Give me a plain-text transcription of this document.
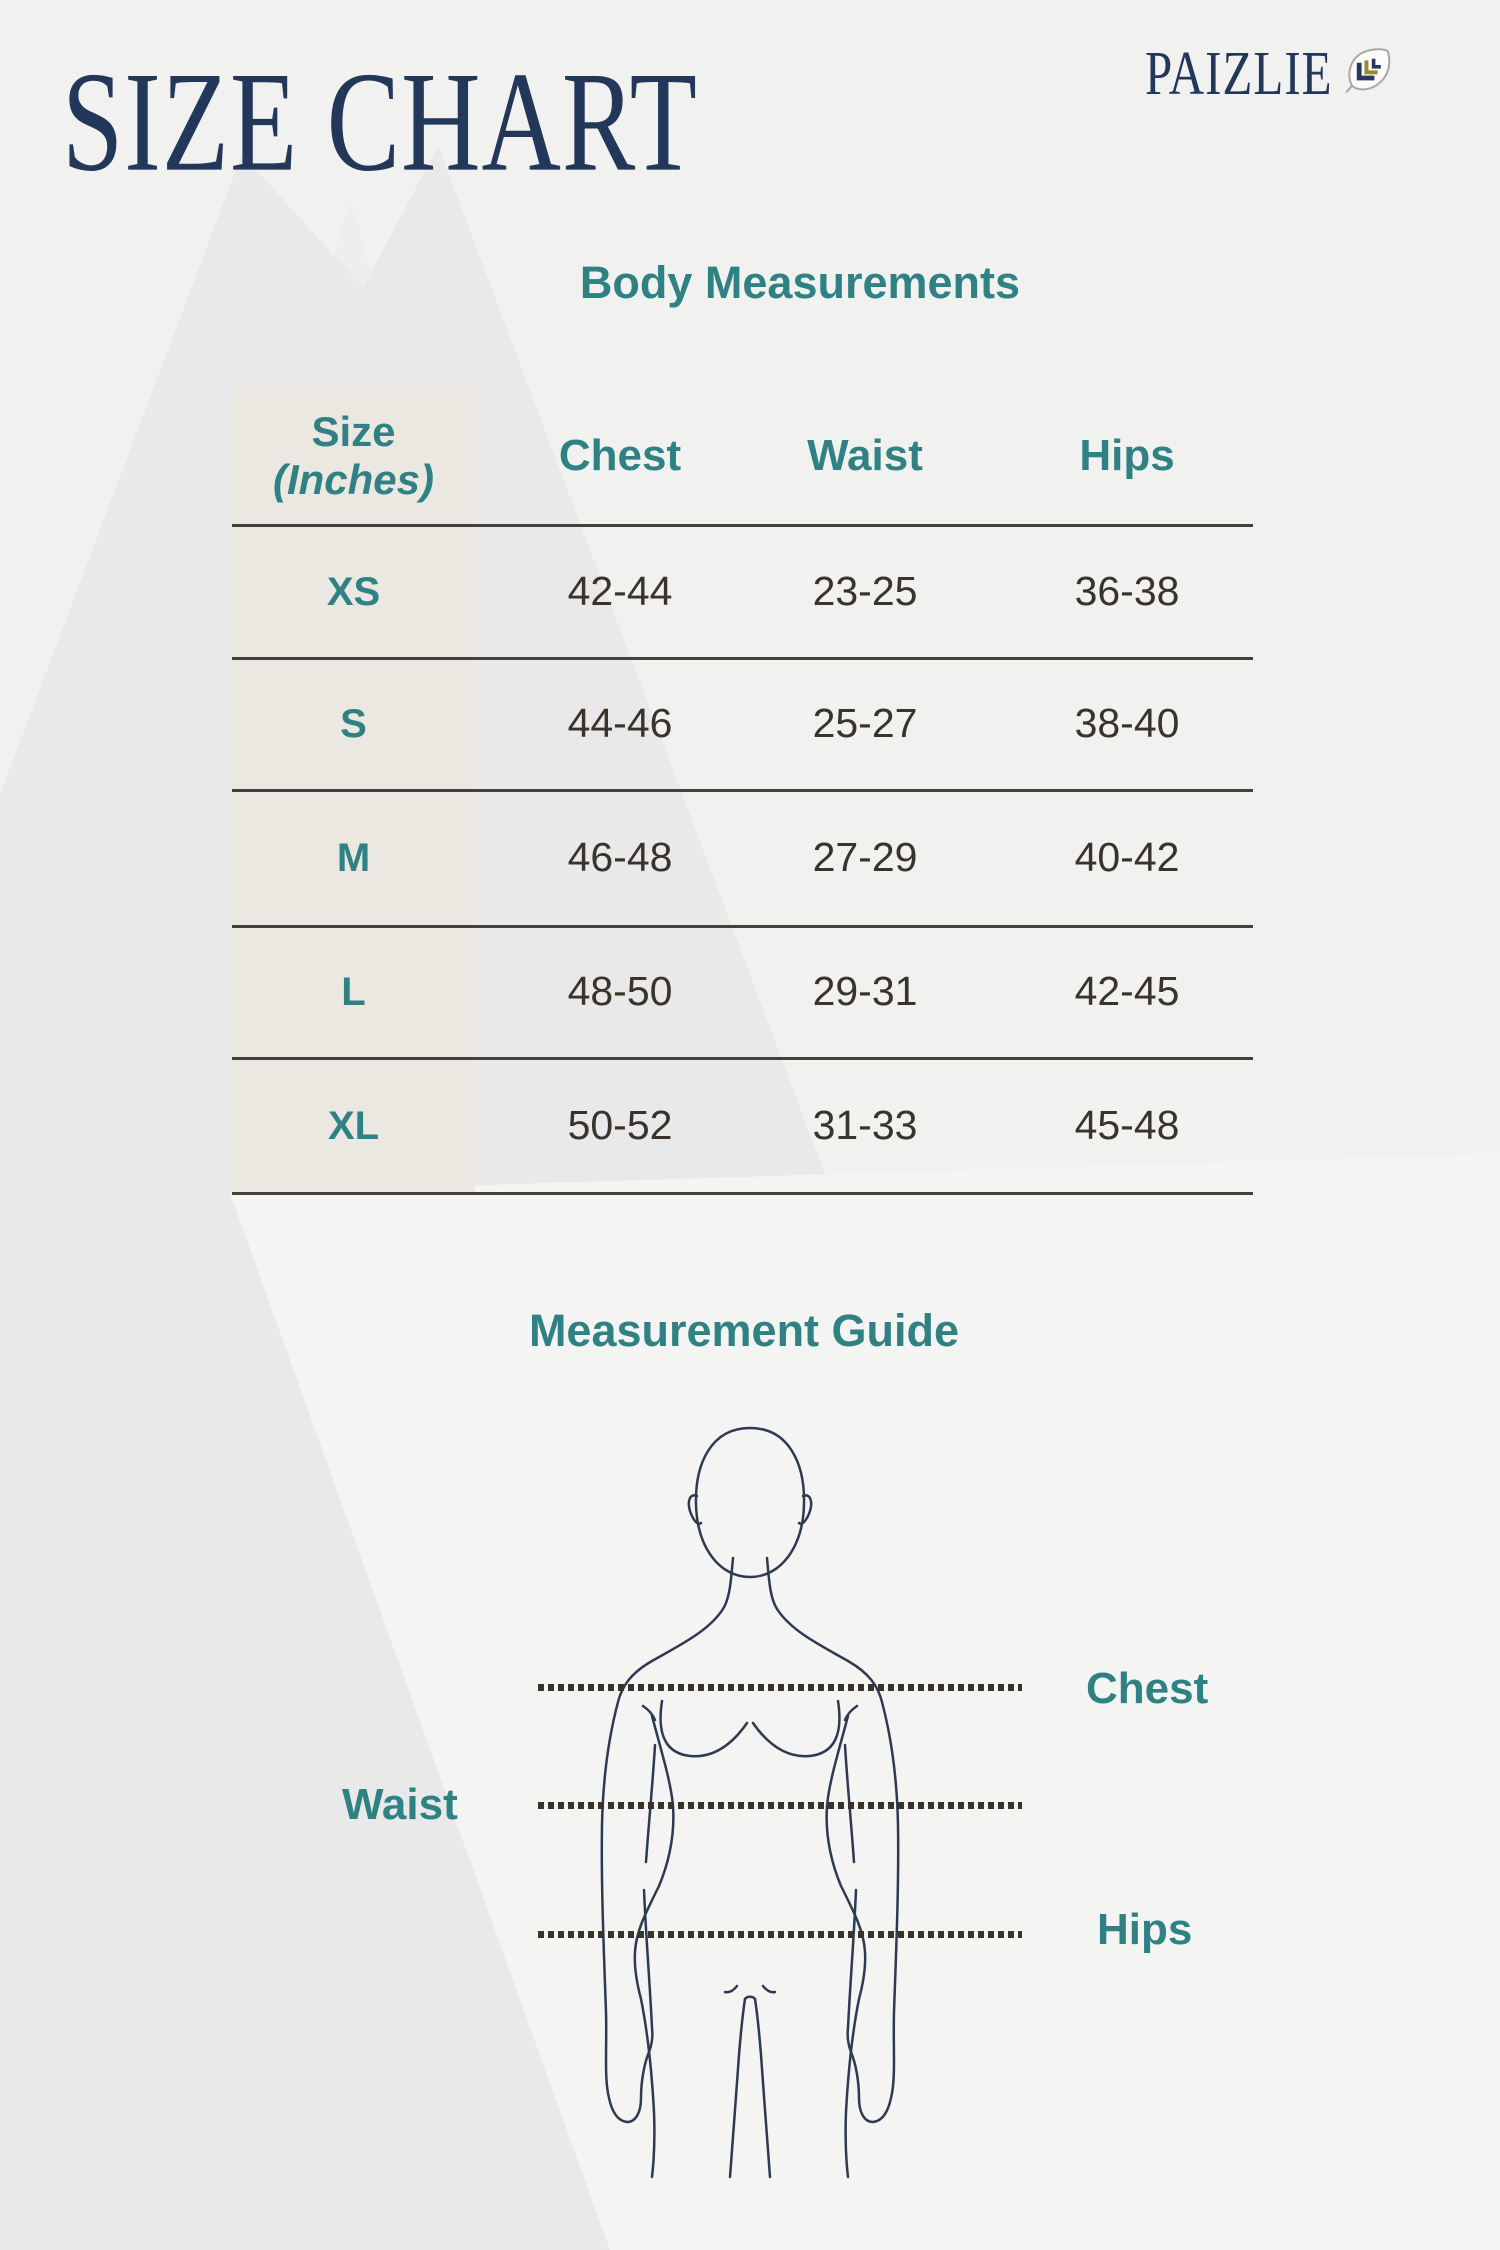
SIZE CHART	PAIZLIE
Body Measurements
Size
(Inches)	Chest	Waist	Hips
XS	42-44	23-25	36-38
S	44-46	25-27	38-40
M	46-48	27-29	40-42
L	48-50	29-31	42-45
XL	50-52	31-33	45-48
Measurement Guide
Chest
Waist
Hips
